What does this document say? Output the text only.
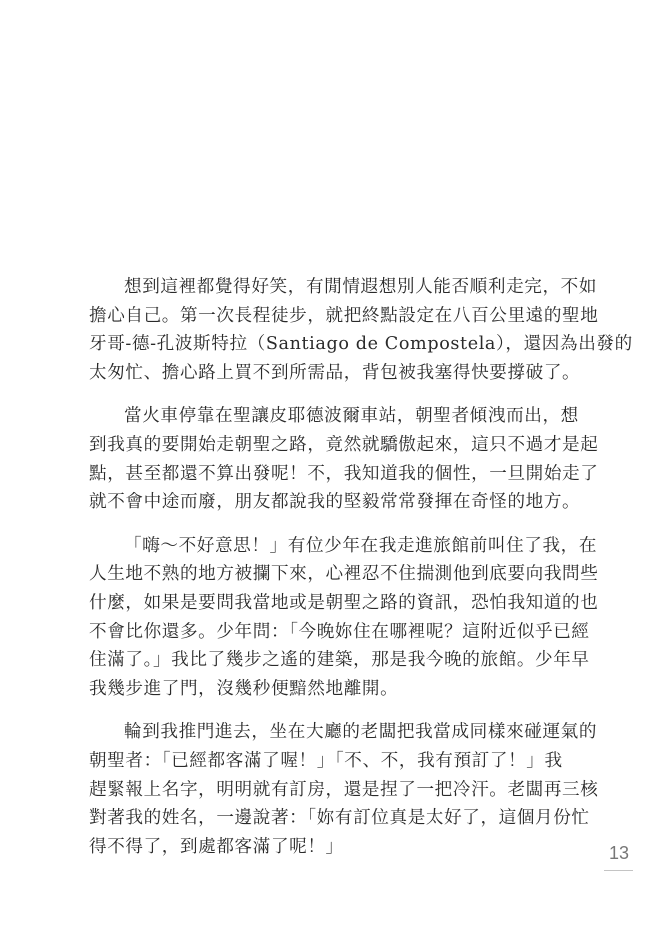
想到這裡都覺得好笑，有閒情遐想別人能否順利走完，不如
擔心自己。第一次長程徒步，就把終點設定在八百公里遠的聖地
牙哥-德-孔波斯特拉（Santiago de Compostela），還因為出發的
太匆忙、擔心路上買不到所需品，背包被我塞得快要撐破了。

當火車停靠在聖讓皮耶德波爾車站，朝聖者傾洩而出，想
到我真的要開始走朝聖之路，竟然就驕傲起來，這只不過才是起
點，甚至都還不算出發呢！不，我知道我的個性，一旦開始走了
就不會中途而廢，朋友都說我的堅毅常常發揮在奇怪的地方。

「嗨～不好意思！」有位少年在我走進旅館前叫住了我，在
人生地不熟的地方被攔下來，心裡忍不住揣測他到底要向我問些
什麼，如果是要問我當地或是朝聖之路的資訊，恐怕我知道的也
不會比你還多。少年問：「今晚妳住在哪裡呢？這附近似乎已經
住滿了。」我比了幾步之遙的建築，那是我今晚的旅館。少年早
我幾步進了門，沒幾秒便黯然地離開。

輪到我推門進去，坐在大廳的老闆把我當成同樣來碰運氣的
朝聖者：「已經都客滿了喔！」「不、不，我有預訂了！」我
趕緊報上名字，明明就有訂房，還是捏了一把冷汗。老闆再三核
對著我的姓名，一邊說著：「妳有訂位真是太好了，這個月份忙
得不得了，到處都客滿了呢！」	13
